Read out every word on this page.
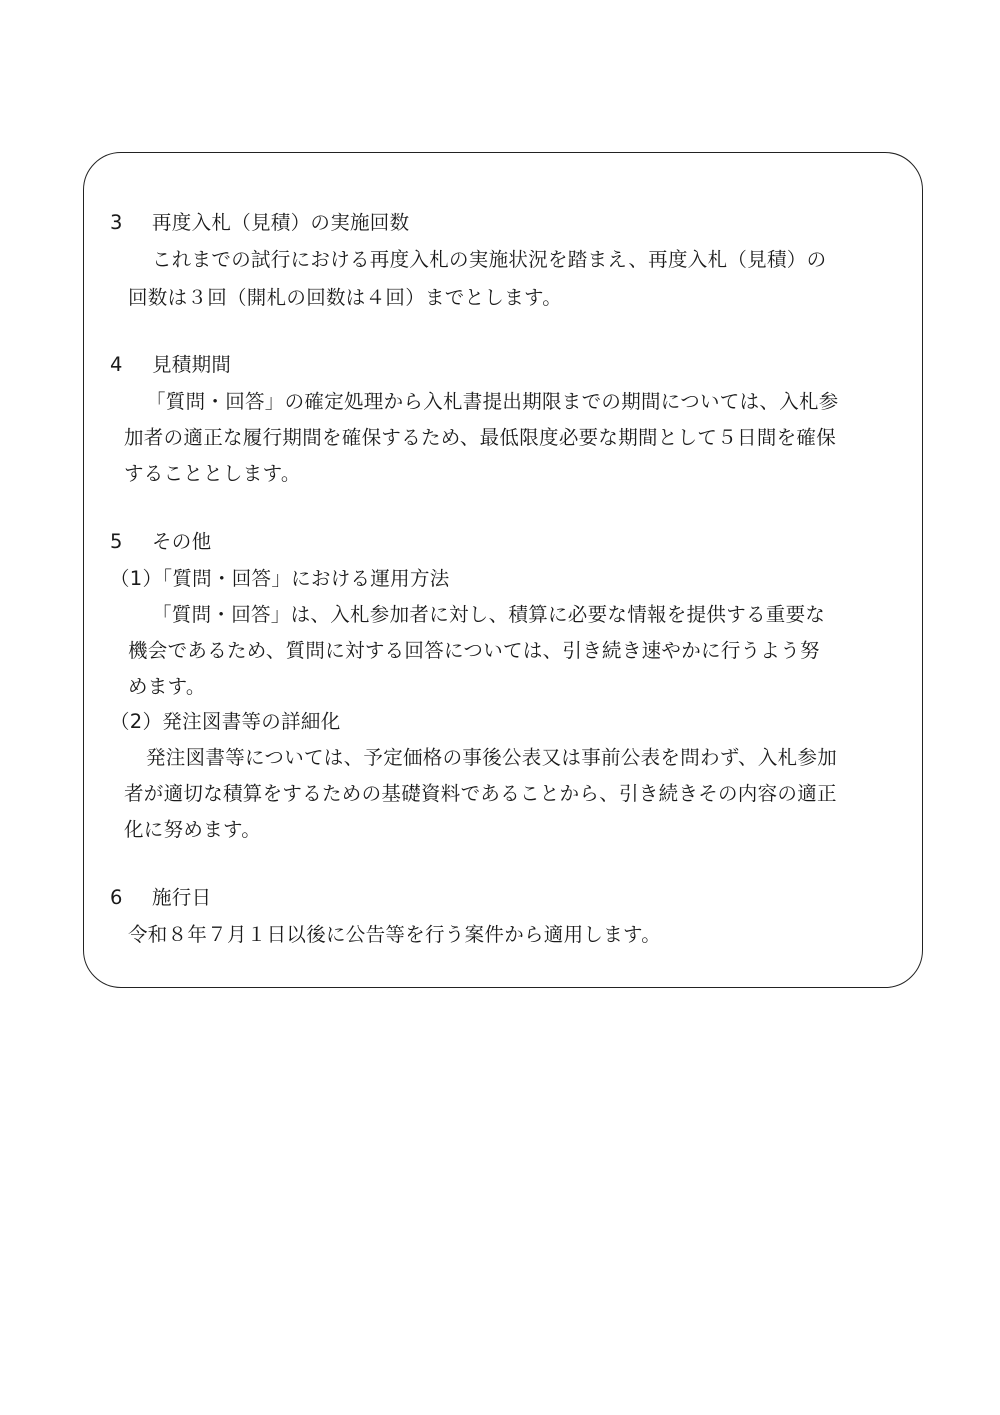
3 再度入札（見積）の実施回数
これまでの試行における再度入札の実施状況を踏まえ、再度入札（見積）の
回数は３回（開札の回数は４回）までとします。
4 見積期間
「質問・回答」の確定処理から入札書提出期限までの期間については、入札参
加者の適正な履行期間を確保するため、最低限度必要な期間として５日間を確保
することとします。
5 その他
（1）「質問・回答」における運用方法
「質問・回答」は、入札参加者に対し、積算に必要な情報を提供する重要な
機会であるため、質問に対する回答については、引き続き速やかに行うよう努
めます。
（2）発注図書等の詳細化
発注図書等については、予定価格の事後公表又は事前公表を問わず、入札参加
者が適切な積算をするための基礎資料であることから、引き続きその内容の適正
化に努めます。
6 施行日
令和８年７月１日以後に公告等を行う案件から適用します。
